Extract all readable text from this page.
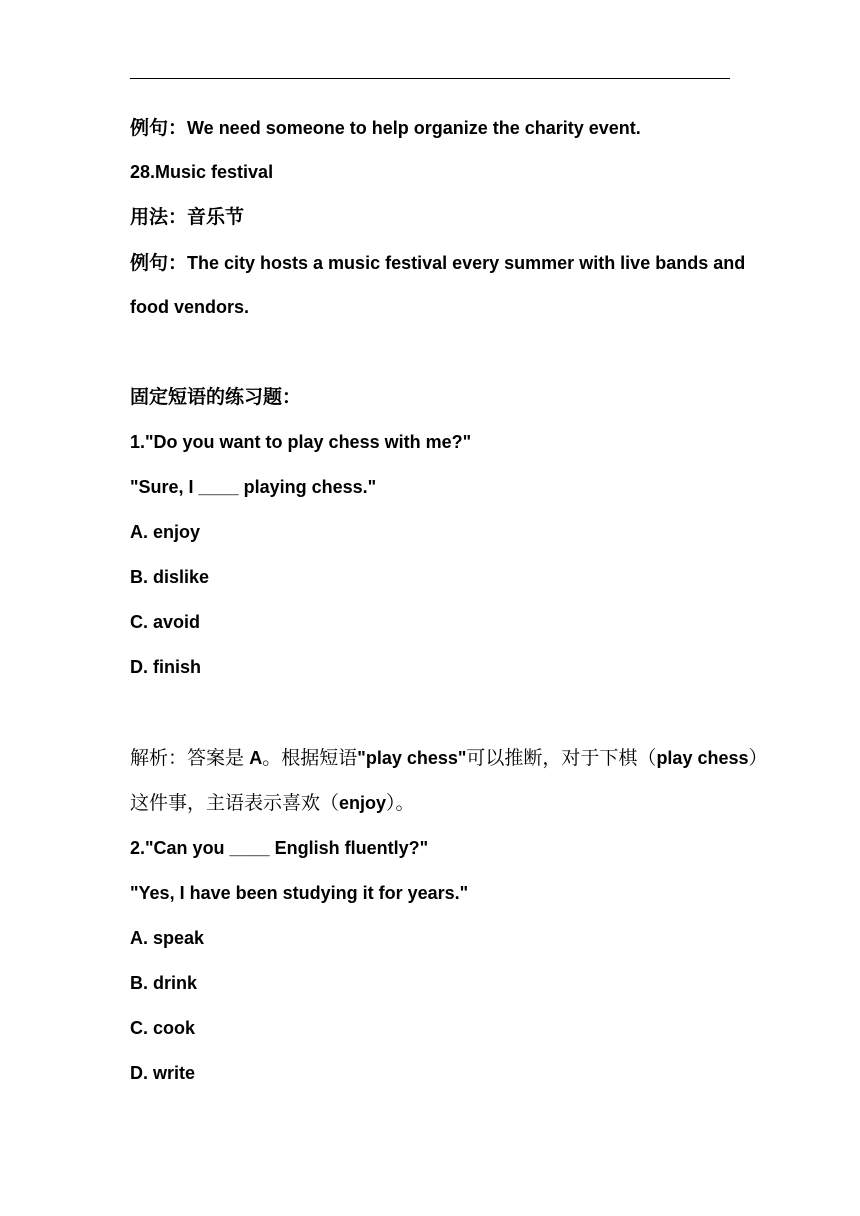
例句：We need someone to help organize the charity event.
28.Music festival
用法：音乐节
例句：The city hosts a music festival every summer with live bands and
food vendors.
固定短语的练习题：
1."Do you want to play chess with me?"
"Sure, I ____ playing chess."
A. enjoy
B. dislike
C. avoid
D. finish
解析：答案是 A。根据短语"play chess"可以推断，对于下棋（play chess）
这件事，主语表示喜欢（enjoy）。
2."Can you ____ English fluently?"
"Yes, I have been studying it for years."
A. speak
B. drink
C. cook
D. write
